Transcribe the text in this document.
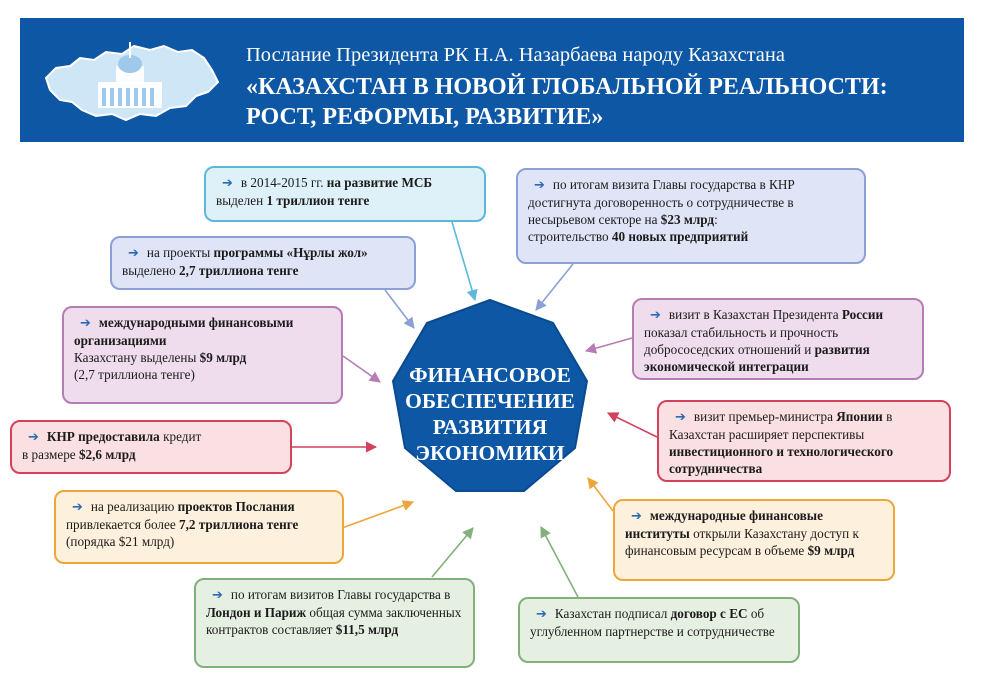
Послание Президента РК Н.А. Назарбаева народу Казахстана
«КАЗАХСТАН В НОВОЙ ГЛОБАЛЬНОЙ РЕАЛЬНОСТИ:
РОСТ, РЕФОРМЫ, РАЗВИТИЕ»
ФИНАНСОВОЕ
ОБЕСПЕЧЕНИЕ
РАЗВИТИЯ
ЭКОНОМИКИ
➔ в 2014-2015 гг. на развитие МСБ
выделен 1 триллион тенге
➔ на проекты программы «Нұрлы жол»
выделено 2,7 триллиона тенге
➔ международными финансовыми организациями
Казахстану выделены $9 млрд
(2,7 триллиона тенге)
➔ КНР предоставила кредит
в размере $2,6 млрд
➔ на реализацию проектов Послания
привлекается более 7,2 триллиона тенге
(порядка $21 млрд)
➔ по итогам визитов Главы государства в Лондон и Париж общая сумма заключенных контрактов составляет $11,5 млрд
➔ по итогам визита Главы государства в КНР достигнута договоренность о сотрудничестве в несырьевом секторе на $23 млрд:
строительство 40 новых предприятий
➔ визит в Казахстан Президента России показал стабильность и прочность добрососедских отношений и развития экономической интеграции
➔ визит премьер-министра Японии в Казахстан расширяет перспективы инвестиционного и технологического сотрудничества
➔ международные финансовые институты открыли Казахстану доступ к финансовым ресурсам в объеме $9 млрд
➔ Казахстан подписал договор с ЕС об углубленном партнерстве и сотрудничестве
